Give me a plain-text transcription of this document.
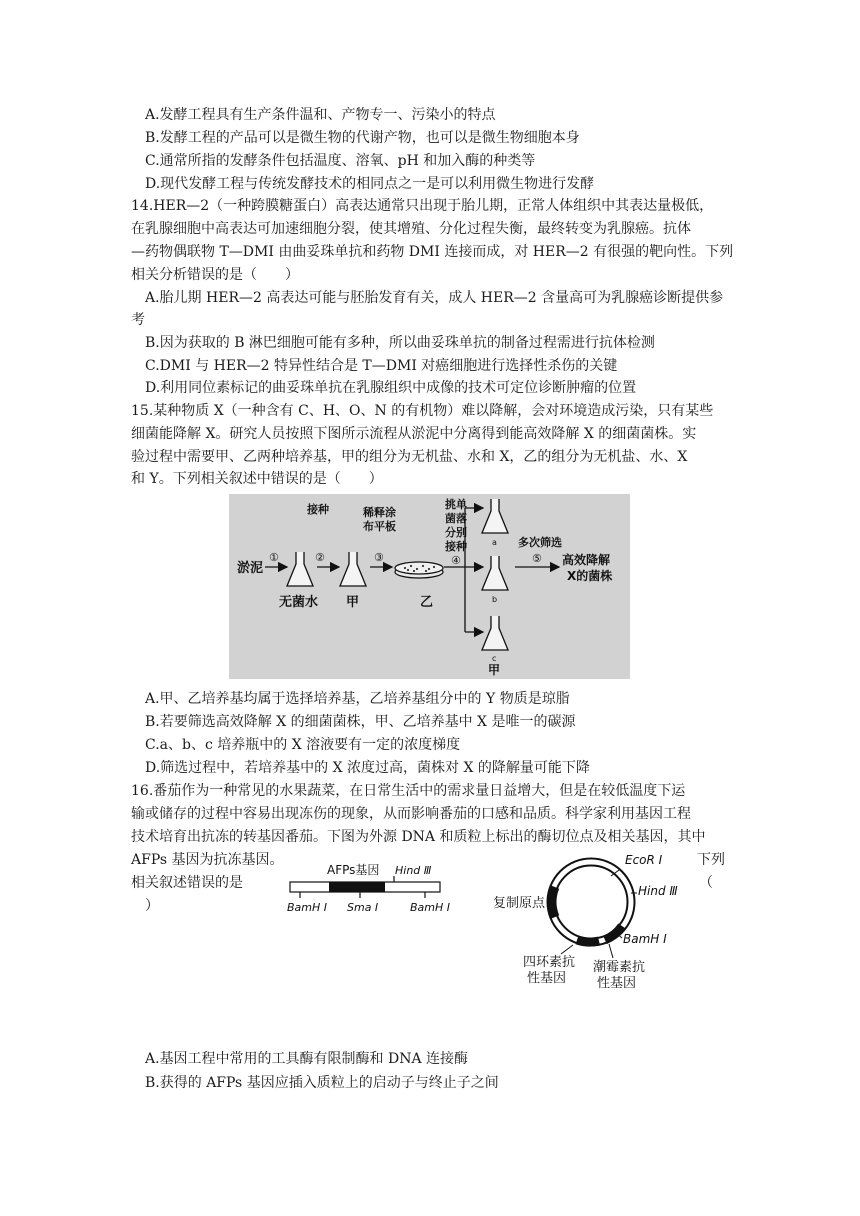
A.发酵工程具有生产条件温和、产物专一、污染小的特点
B.发酵工程的产品可以是微生物的代谢产物，也可以是微生物细胞本身
C.通常所指的发酵条件包括温度、溶氧、pH 和加入酶的种类等
D.现代发酵工程与传统发酵技术的相同点之一是可以利用微生物进行发酵
14.HER—2（一种跨膜糖蛋白）高表达通常只出现于胎儿期，正常人体组织中其表达量极低，
在乳腺细胞中高表达可加速细胞分裂，使其增殖、分化过程失衡，最终转变为乳腺癌。抗体
—药物偶联物 T—DMI 由曲妥珠单抗和药物 DMI 连接而成，对 HER—2 有很强的靶向性。下列
相关分析错误的是（　　）
A.胎儿期 HER—2 高表达可能与胚胎发育有关，成人 HER—2 含量高可为乳腺癌诊断提供参
考
B.因为获取的 B 淋巴细胞可能有多种，所以曲妥珠单抗的制备过程需进行抗体检测
C.DMI 与 HER—2 特异性结合是 T—DMI 对癌细胞进行选择性杀伤的关键
D.利用同位素标记的曲妥珠单抗在乳腺组织中成像的技术可定位诊断肿瘤的位置
15.某种物质 X（一种含有 C、H、O、N 的有机物）难以降解，会对环境造成污染，只有某些
细菌能降解 X。研究人员按照下图所示流程从淤泥中分离得到能高效降解 X 的细菌菌株。实
验过程中需要甲、乙两种培养基，甲的组分为无机盐、水和 X，乙的组分为无机盐、水、X
和 Y。下列相关叙述中错误的是（　　）
淤泥
①
无菌水
接种
②
甲
稀释涂
布平板
③
乙
挑单
菌落
分别
接种
④
a
b
c
甲
多次筛选
⑤ 高效降解
X的菌株
A.甲、乙培养基均属于选择培养基，乙培养基组分中的 Y 物质是琼脂
B.若要筛选高效降解 X 的细菌菌株，甲、乙培养基中 X 是唯一的碳源
C.a、b、c 培养瓶中的 X 溶液要有一定的浓度梯度
D.筛选过程中，若培养基中的 X 浓度过高，菌株对 X 的降解量可能下降
16.番茄作为一种常见的水果蔬菜，在日常生活中的需求量日益增大，但是在较低温度下运
输或储存的过程中容易出现冻伤的现象，从而影响番茄的口感和品质。科学家利用基因工程
技术培育出抗冻的转基因番茄。下图为外源 DNA 和质粒上标出的酶切位点及相关基因，其中
AFPs 基因为抗冻基因。	下列
相关叙述错误的是	（
）
AFPs基因 Hind Ⅲ
BamH Ⅰ Sma Ⅰ	BamH Ⅰ
EcoR Ⅰ
Hind Ⅲ
复制原点
BamH Ⅰ
四环素抗
性基因
潮霉素抗
性基因
A.基因工程中常用的工具酶有限制酶和 DNA 连接酶
B.获得的 AFPs 基因应插入质粒上的启动子与终止子之间
